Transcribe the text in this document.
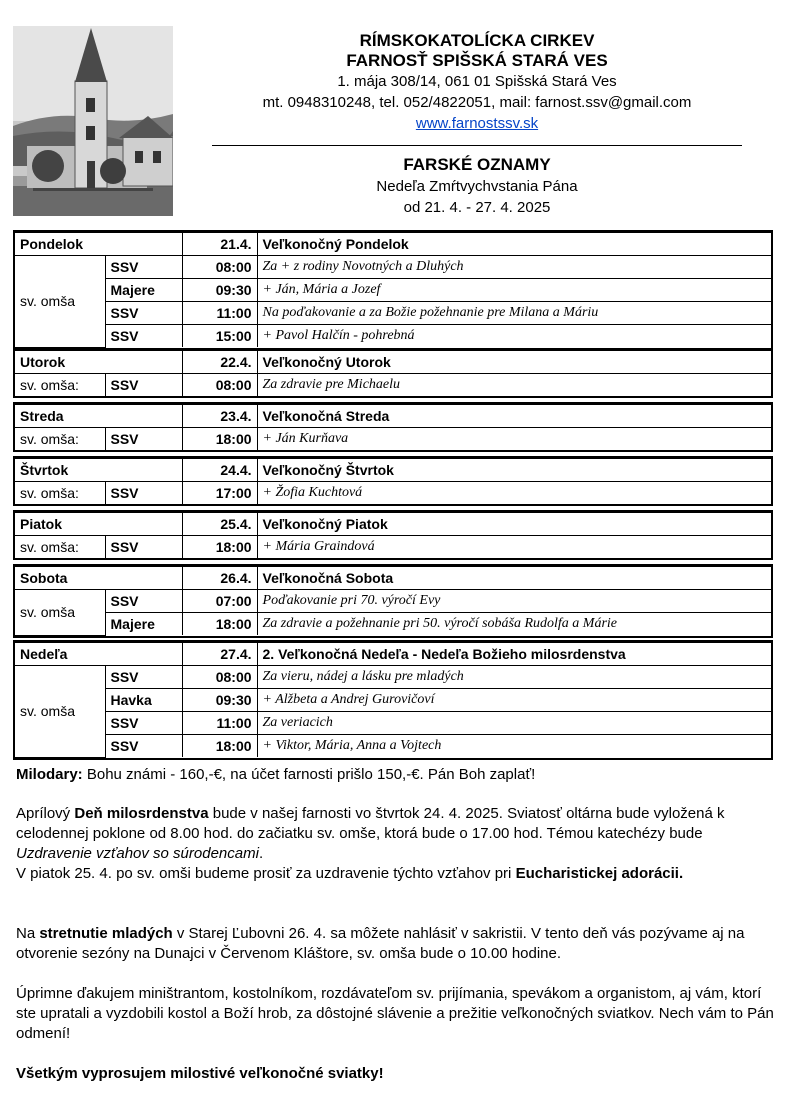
RÍMSKOKATOLÍCKA CIRKEV
FARNOSŤ SPIŠSKÁ STARÁ VES
1. mája 308/14, 061 01 Spišská Stará Ves
mt. 0948310248, tel. 052/4822051, mail: farnost.ssv@gmail.com
www.farnostssv.sk
FARSKÉ OZNAMY
Nedeľa Zmŕtvychvstania Pána
od 21. 4. - 27. 4. 2025
Pondelok		21.4.	Veľkonočný Pondelok
sv. omša	SSV	08:00	Za + z rodiny Novotných a Dluhých
	Majere	09:30	+ Ján, Mária a Jozef
	SSV	11:00	Na poďakovanie a za Božie požehnanie pre Milana a Máriu
	SSV	15:00	+ Pavol Halčín - pohrebná
Utorok		22.4.	Veľkonočný Utorok
sv. omša:	SSV	08:00	Za zdravie pre Michaelu
Streda		23.4.	Veľkonočná Streda
sv. omša:	SSV	18:00	+ Ján Kurňava
Štvrtok		24.4.	Veľkonočný Štvrtok
sv. omša:	SSV	17:00	+ Žofia Kuchtová
Piatok		25.4.	Veľkonočný Piatok
sv. omša:	SSV	18:00	+ Mária Graindová
Sobota		26.4.	Veľkonočná Sobota
sv. omša	SSV	07:00	Poďakovanie pri 70. výročí Evy
	Majere	18:00	Za zdravie a požehnanie pri 50. výročí sobáša Rudolfa a Márie
Nedeľa		27.4.	2. Veľkonočná Nedeľa - Nedeľa Božieho milosrdenstva
sv. omša	SSV	08:00	Za vieru, nádej a lásku pre mladých
	Havka	09:30	+ Alžbeta a Andrej Gurovičoví
	SSV	11:00	Za veriacich
	SSV	18:00	+ Viktor, Mária, Anna a Vojtech
Milodary: Bohu známi - 160,-€, na účet farnosti prišlo 150,-€. Pán Boh zaplať!
Aprílový Deň milosrdenstva bude v našej farnosti vo štvrtok 24. 4. 2025. Sviatosť oltárna bude vyložená k celodennej poklone od 8.00 hod. do začiatku sv. omše, ktorá bude o 17.00 hod. Témou katechézy bude Uzdravenie vzťahov so súrodencami.
V piatok 25. 4. po sv. omši budeme prosiť za uzdravenie týchto vzťahov pri Eucharistickej adorácii.
Na stretnutie mladých v Starej Ľubovni 26. 4. sa môžete nahlásiť v sakristii. V tento deň vás pozývame aj na otvorenie sezóny na Dunajci v Červenom Kláštore, sv. omša bude o 10.00 hodine.
Úprimne ďakujem miništrantom, kostolníkom, rozdávateľom sv. prijímania, spevákom a organistom, aj vám, ktorí ste upratali a vyzdobili kostol a Boží hrob, za dôstojné slávenie a prežitie veľkonočných sviatkov. Nech vám to Pán odmení!
Všetkým vyprosujem milostivé veľkonočné sviatky!
